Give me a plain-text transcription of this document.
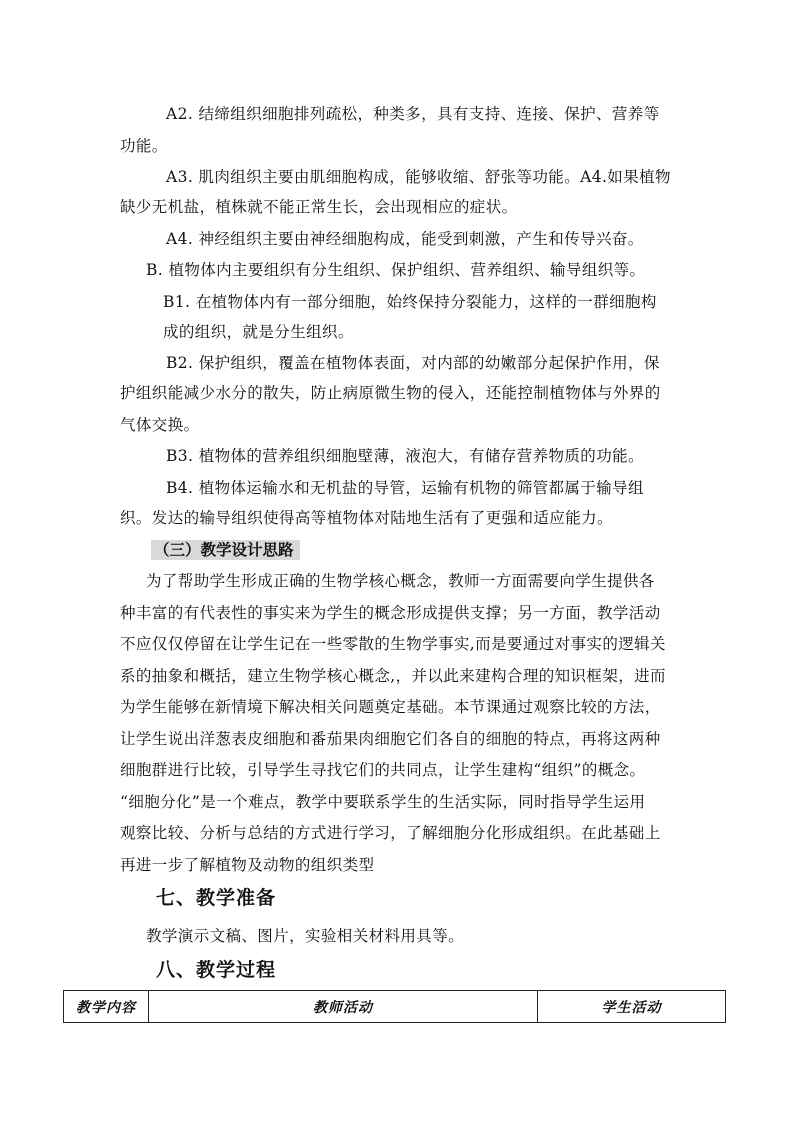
A2. 结缔组织细胞排列疏松，种类多，具有支持、连接、保护、营养等
功能。
A3. 肌肉组织主要由肌细胞构成，能够收缩、舒张等功能。A4.如果植物
缺少无机盐，植株就不能正常生长，会出现相应的症状。
A4. 神经组织主要由神经细胞构成，能受到刺激，产生和传导兴奋。
B. 植物体内主要组织有分生组织、保护组织、营养组织、输导组织等。
B1. 在植物体内有一部分细胞，始终保持分裂能力，这样的一群细胞构
成的组织，就是分生组织。
B2. 保护组织，覆盖在植物体表面，对内部的幼嫩部分起保护作用，保
护组织能减少水分的散失，防止病原微生物的侵入，还能控制植物体与外界的
气体交换。
B3. 植物体的营养组织细胞壁薄，液泡大，有储存营养物质的功能。
B4. 植物体运输水和无机盐的导管，运输有机物的筛管都属于输导组
织。发达的输导组织使得高等植物体对陆地生活有了更强和适应能力。
（三）教学设计思路
为了帮助学生形成正确的生物学核心概念，教师一方面需要向学生提供各
种丰富的有代表性的事实来为学生的概念形成提供支撑；另一方面，教学活动
不应仅仅停留在让学生记在一些零散的生物学事实,而是要通过对事实的逻辑关
系的抽象和概括，建立生物学核心概念,，并以此来建构合理的知识框架，进而
为学生能够在新情境下解决相关问题奠定基础。本节课通过观察比较的方法，
让学生说出洋葱表皮细胞和番茄果肉细胞它们各自的细胞的特点，再将这两种
细胞群进行比较，引导学生寻找它们的共同点，让学生建构“组织”的概念。
“细胞分化”是一个难点，教学中要联系学生的生活实际，同时指导学生运用
观察比较、分析与总结的方式进行学习，了解细胞分化形成组织。在此基础上
再进一步了解植物及动物的组织类型
七、教学准备
教学演示文稿、图片，实验相关材料用具等。
八、教学过程
教学内容	教师活动	学生活动
